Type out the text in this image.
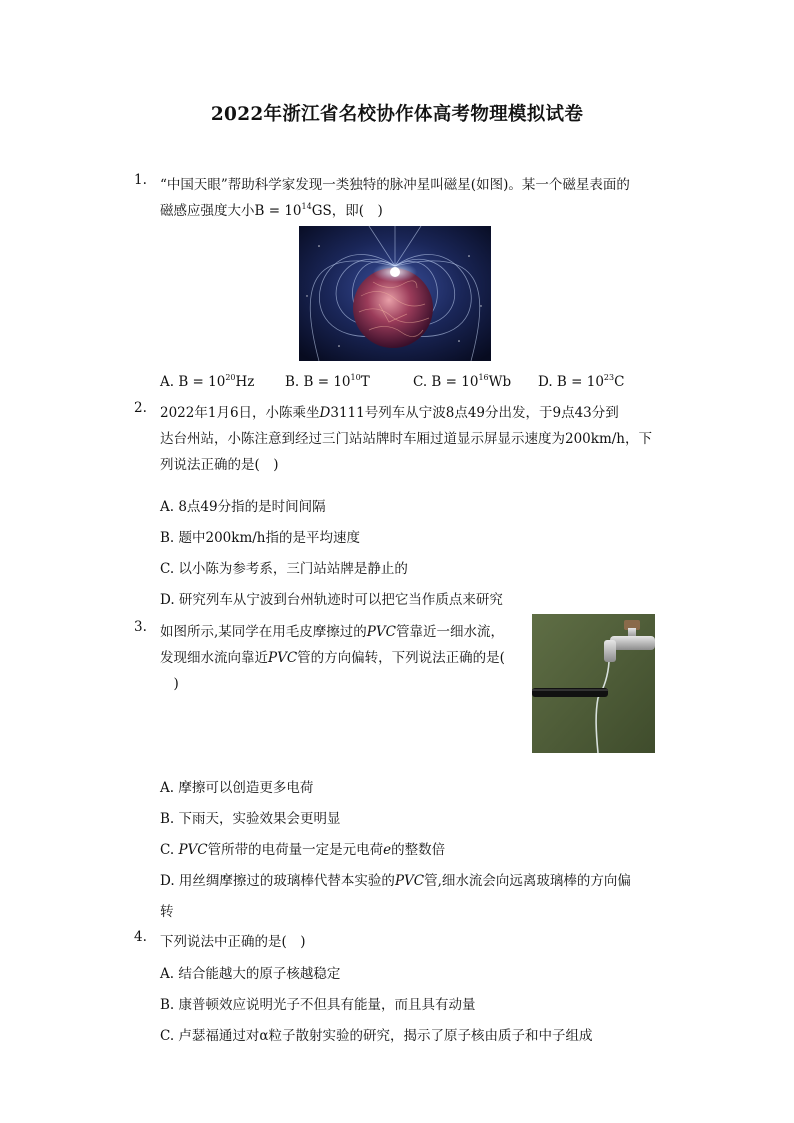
2022年浙江省名校协作体高考物理模拟试卷
1. “中国天眼”帮助科学家发现一类独特的脉冲星叫磁星(如图)。某一个磁星表面的
磁感应强度大小$B = 10^{14}GS$，即(　)
A. $B = 10^{20}Hz$ B. $B = 10^{10}T$	C. $B = 10^{16}Wb$ D. $B = 10^{23}C$
2. 2022年1月6日，小陈乘坐D3111号列车从宁波8点49分出发，于9点43分到
达台州站，小陈注意到经过三门站站牌时车厢过道显示屏显示速度为200km/h，下
列说法正确的是(　)
A. 8点49分指的是时间间隔
B. 题中200km/h指的是平均速度
C. 以小陈为参考系，三门站站牌是静止的
D. 研究列车从宁波到台州轨迹时可以把它当作质点来研究
3. 如图所示,某同学在用毛皮摩擦过的PVC管靠近一细水流，
发现细水流向靠近PVC管的方向偏转，下列说法正确的是(
　)
A. 摩擦可以创造更多电荷
B. 下雨天，实验效果会更明显
C. PVC管所带的电荷量一定是元电荷e的整数倍
D. 用丝绸摩擦过的玻璃棒代替本实验的PVC管,细水流会向远离玻璃棒的方向偏
转
4. 下列说法中正确的是(　)
A. 结合能越大的原子核越稳定
B. 康普顿效应说明光子不但具有能量，而且具有动量
C. 卢瑟福通过对α粒子散射实验的研究，揭示了原子核由质子和中子组成
